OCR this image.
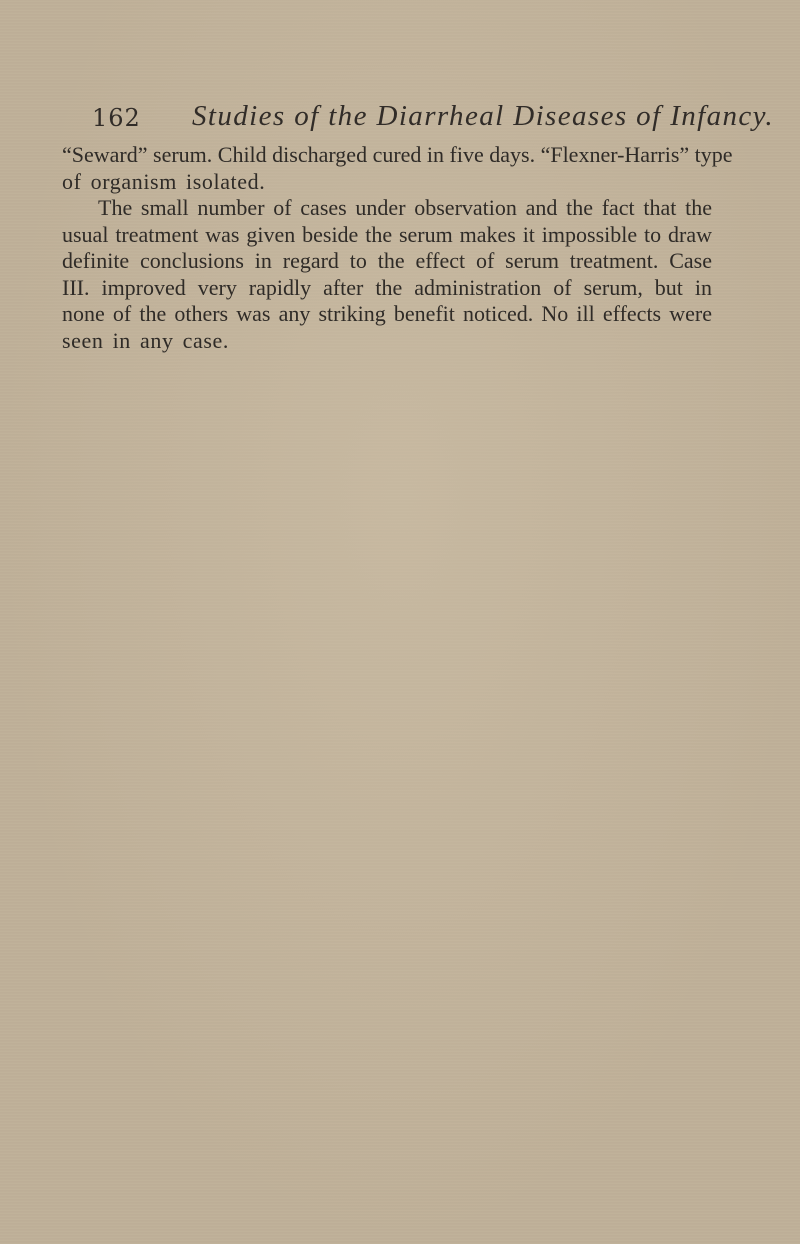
162 Studies of the Diarrheal Diseases of Infancy.
“Seward” serum. Child discharged cured in five days. “Flexner-Harris” type
of organism isolated.
The small number of cases under observation and the fact that the
usual treatment was given beside the serum makes it impossible to draw
definite conclusions in regard to the effect of serum treatment. Case
III. improved very rapidly after the administration of serum, but in
none of the others was any striking benefit noticed. No ill effects were
seen in any case.
